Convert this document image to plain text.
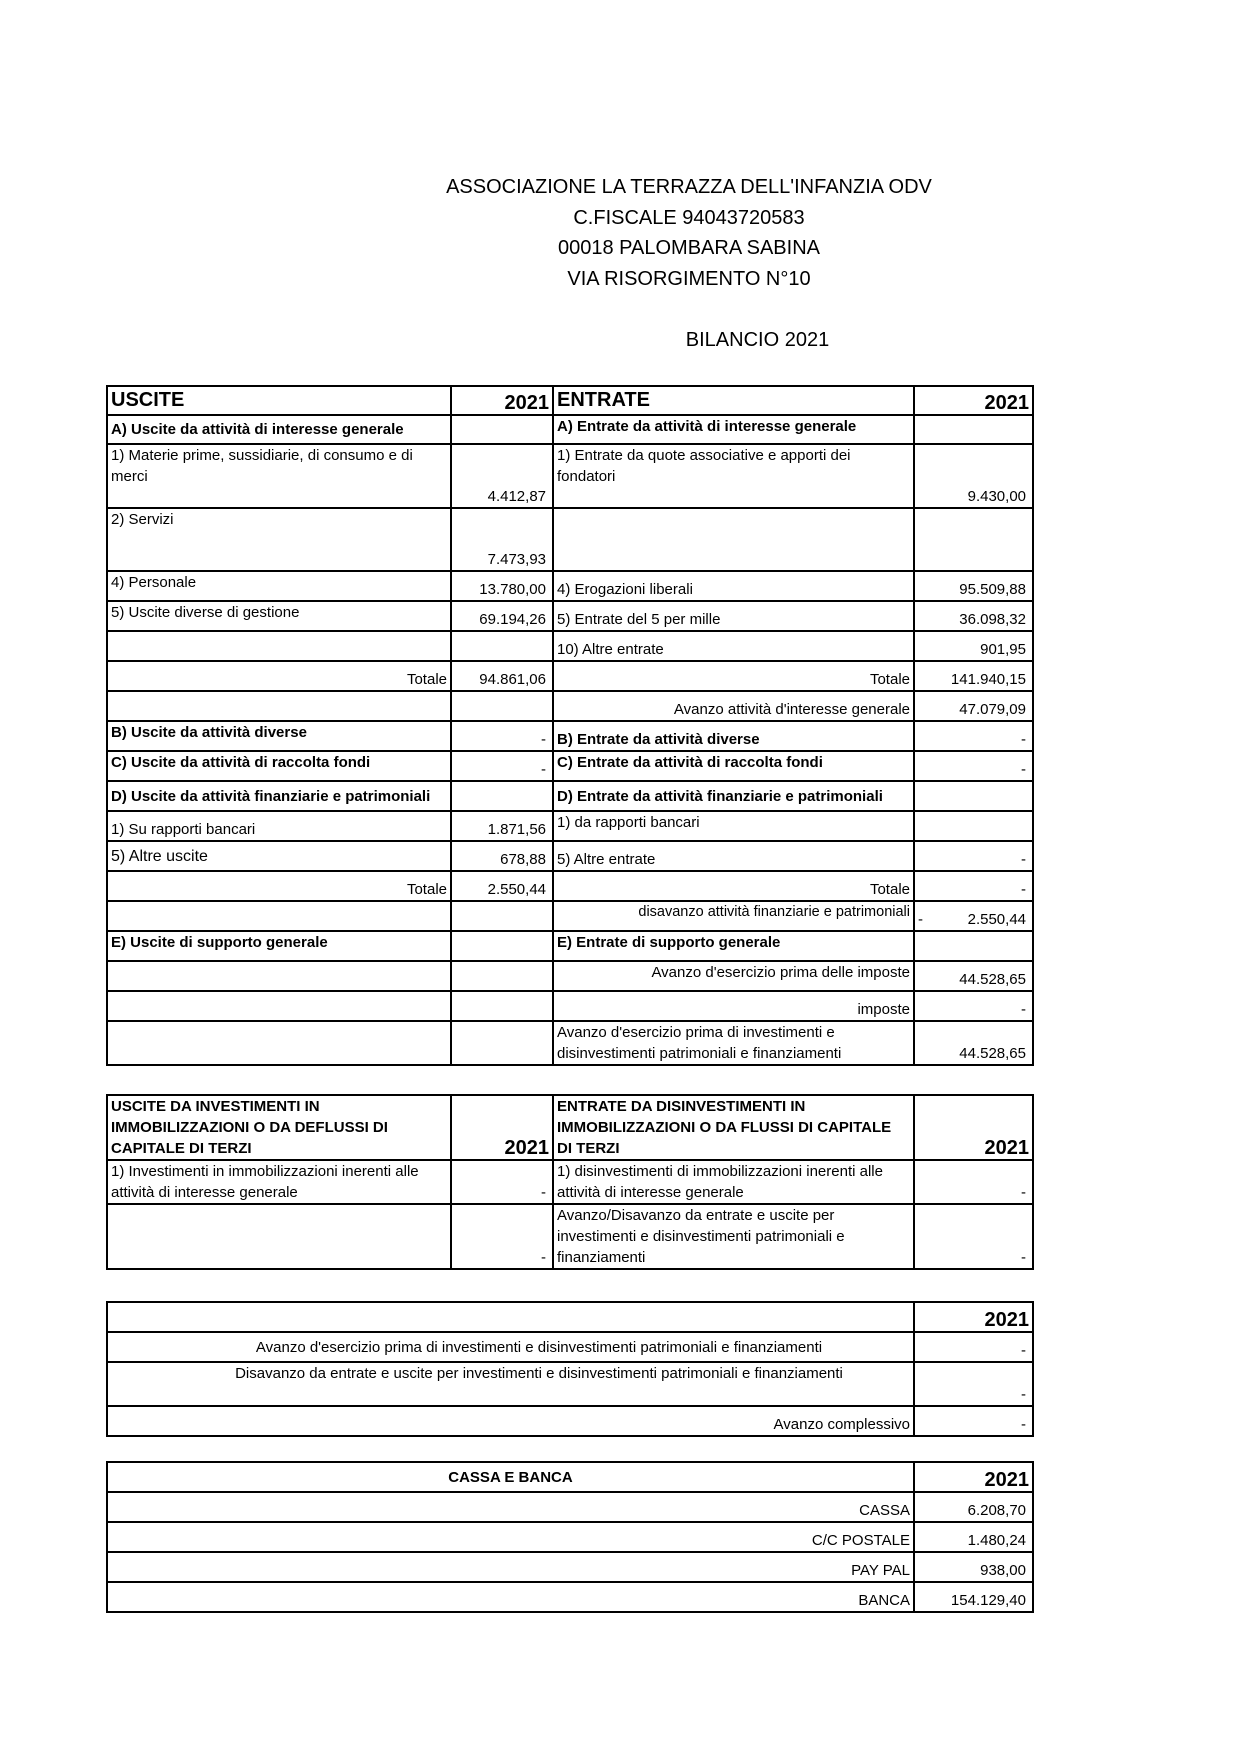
ASSOCIAZIONE LA TERRAZZA DELL'INFANZIA ODV
C.FISCALE 94043720583
00018 PALOMBARA SABINA
VIA RISORGIMENTO N°10
BILANCIO 2021
USCITE	2021	ENTRATE	2021
A) Uscite da attività di interesse generale		A) Entrate da attività di interesse generale	
1) Materie prime, sussidiarie, di consumo e di merci	4.412,87	1) Entrate da quote associative e apporti dei fondatori	9.430,00
2) Servizi	7.473,93		
4) Personale	13.780,00	4) Erogazioni liberali	95.509,88
5) Uscite diverse di gestione	69.194,26	5) Entrate del 5 per mille	36.098,32
		10) Altre entrate	901,95
Totale	94.861,06	Totale	141.940,15
		Avanzo attività d'interesse generale	47.079,09
B) Uscite da attività diverse	-	B) Entrate da attività diverse	-
C) Uscite da attività di raccolta fondi	-	C) Entrate da attività di raccolta fondi	-
D) Uscite da attività finanziarie e patrimoniali		D) Entrate da attività finanziarie e patrimoniali	
1) Su rapporti bancari	1.871,56	1) da rapporti bancari	
5) Altre uscite	678,88	5) Altre entrate	-
Totale	2.550,44	Totale	-
		disavanzo attività finanziarie e patrimoniali	- 2.550,44
E) Uscite di supporto generale		E) Entrate di supporto generale	
		Avanzo d'esercizio prima delle imposte	44.528,65
		imposte	-
		Avanzo d'esercizio prima di investimenti e disinvestimenti patrimoniali e finanziamenti	44.528,65
USCITE DA INVESTIMENTI IN IMMOBILIZZAZIONI O DA DEFLUSSI DI CAPITALE DI TERZI	2021	ENTRATE DA DISINVESTIMENTI IN IMMOBILIZZAZIONI O DA FLUSSI DI CAPITALE DI TERZI	2021
1) Investimenti in immobilizzazioni inerenti alle attività di interesse generale	-	1) disinvestimenti di immobilizzazioni inerenti alle attività di interesse generale	-
	-	Avanzo/Disavanzo da entrate e uscite per investimenti e disinvestimenti patrimoniali e finanziamenti	-
	2021
Avanzo d'esercizio prima di investimenti e disinvestimenti patrimoniali e finanziamenti	-
Disavanzo da entrate e uscite per investimenti e disinvestimenti patrimoniali e finanziamenti	-
Avanzo complessivo	-
CASSA E BANCA	2021
CASSA	6.208,70
C/C POSTALE	1.480,24
PAY PAL	938,00
BANCA	154.129,40
